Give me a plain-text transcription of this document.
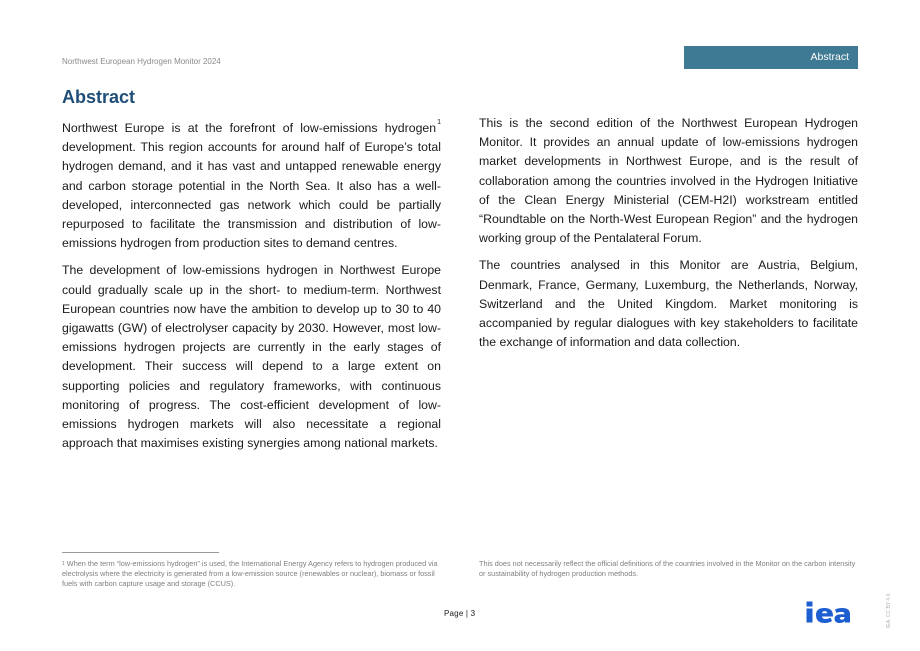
Northwest European Hydrogen Monitor 2024	Abstract
Abstract

Northwest Europe is at the forefront of low-emissions hydrogen$^1$ development. This region accounts for around half of Europe’s total hydrogen demand, and it has vast and untapped renewable energy and carbon storage potential in the North Sea. It also has a well-developed, interconnected gas network which could be partially repurposed to facilitate the transmission and distribution of low-emissions hydrogen from production sites to demand centres.

The development of low-emissions hydrogen in Northwest Europe could gradually scale up in the short- to medium-term. Northwest European countries now have the ambition to develop up to 30 to 40 gigawatts (GW) of electrolyser capacity by 2030. However, most low-emissions hydrogen projects are currently in the early stages of development. Their success will depend to a large extent on supporting policies and regulatory frameworks, with continuous monitoring of progress. The cost-efficient development of low-emissions hydrogen markets will also necessitate a regional approach that maximises existing synergies among national markets.

This is the second edition of the Northwest European Hydrogen Monitor. It provides an annual update of low-emissions hydrogen market developments in Northwest Europe, and is the result of collaboration among the countries involved in the Hydrogen Initiative of the Clean Energy Ministerial (CEM-H2I) workstream entitled “Roundtable on the North-West European Region” and the hydrogen working group of the Pentalateral Forum.

The countries analysed in this Monitor are Austria, Belgium, Denmark, France, Germany, Luxemburg, the Netherlands, Norway, Switzerland and the United Kingdom. Market monitoring is accompanied by regular dialogues with key stakeholders to facilitate the exchange of information and data collection.

$^1$ When the term “low-emissions hydrogen” is used, the International Energy Agency refers to hydrogen produced via electrolysis where the electricity is generated from a low-emission source (renewables or nuclear), biomass or fossil fuels with carbon capture usage and storage (CCUS).
This does not necessarily reflect the official definitions of the countries involved in the Monitor on the carbon intensity or sustainability of hydrogen production methods.
Page | 3	IEA. CC BY 4.0.
